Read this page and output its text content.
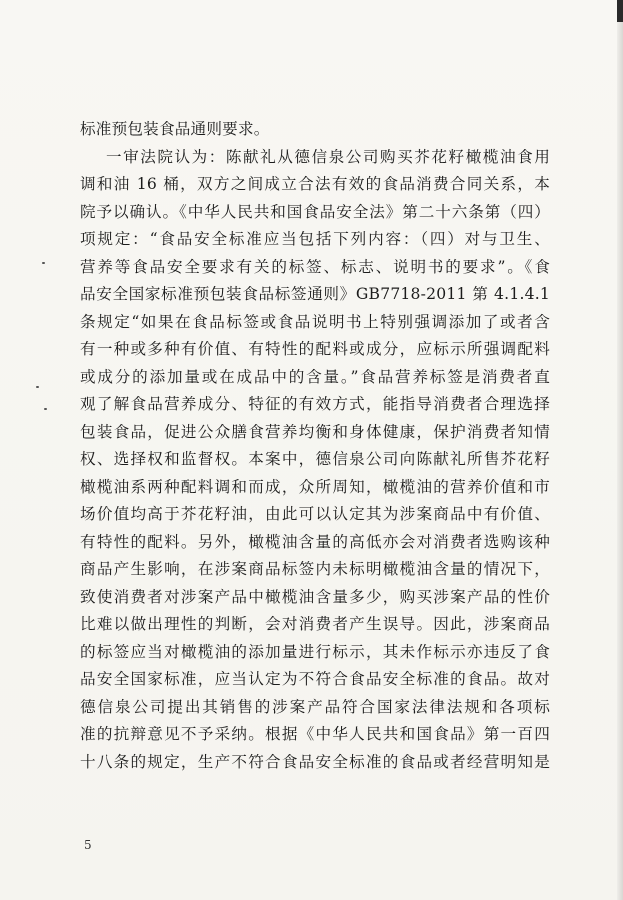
标准预包装食品通则要求。
一审法院认为：陈献礼从德信泉公司购买芥花籽橄榄油食用
调和油 16 桶，双方之间成立合法有效的食品消费合同关系，本
院予以确认。《中华人民共和国食品安全法》第二十六条第（四）
项规定：“食品安全标准应当包括下列内容：（四）对与卫生、
营养等食品安全要求有关的标签、标志、说明书的要求”。《食
品安全国家标准预包装食品标签通则》GB7718-2011 第 4.1.4.1
条规定“如果在食品标签或食品说明书上特别强调添加了或者含
有一种或多种有价值、有特性的配料或成分，应标示所强调配料
或成分的添加量或在成品中的含量。”食品营养标签是消费者直
观了解食品营养成分、特征的有效方式，能指导消费者合理选择
包装食品，促进公众膳食营养均衡和身体健康，保护消费者知情
权、选择权和监督权。本案中，德信泉公司向陈献礼所售芥花籽
橄榄油系两种配料调和而成，众所周知，橄榄油的营养价值和市
场价值均高于芥花籽油，由此可以认定其为涉案商品中有价值、
有特性的配料。另外，橄榄油含量的高低亦会对消费者选购该种
商品产生影响，在涉案商品标签内未标明橄榄油含量的情况下，
致使消费者对涉案产品中橄榄油含量多少，购买涉案产品的性价
比难以做出理性的判断，会对消费者产生误导。因此，涉案商品
的标签应当对橄榄油的添加量进行标示，其未作标示亦违反了食
品安全国家标准，应当认定为不符合食品安全标准的食品。故对
德信泉公司提出其销售的涉案产品符合国家法律法规和各项标
准的抗辩意见不予采纳。根据《中华人民共和国食品》第一百四
十八条的规定，生产不符合食品安全标准的食品或者经营明知是
5
